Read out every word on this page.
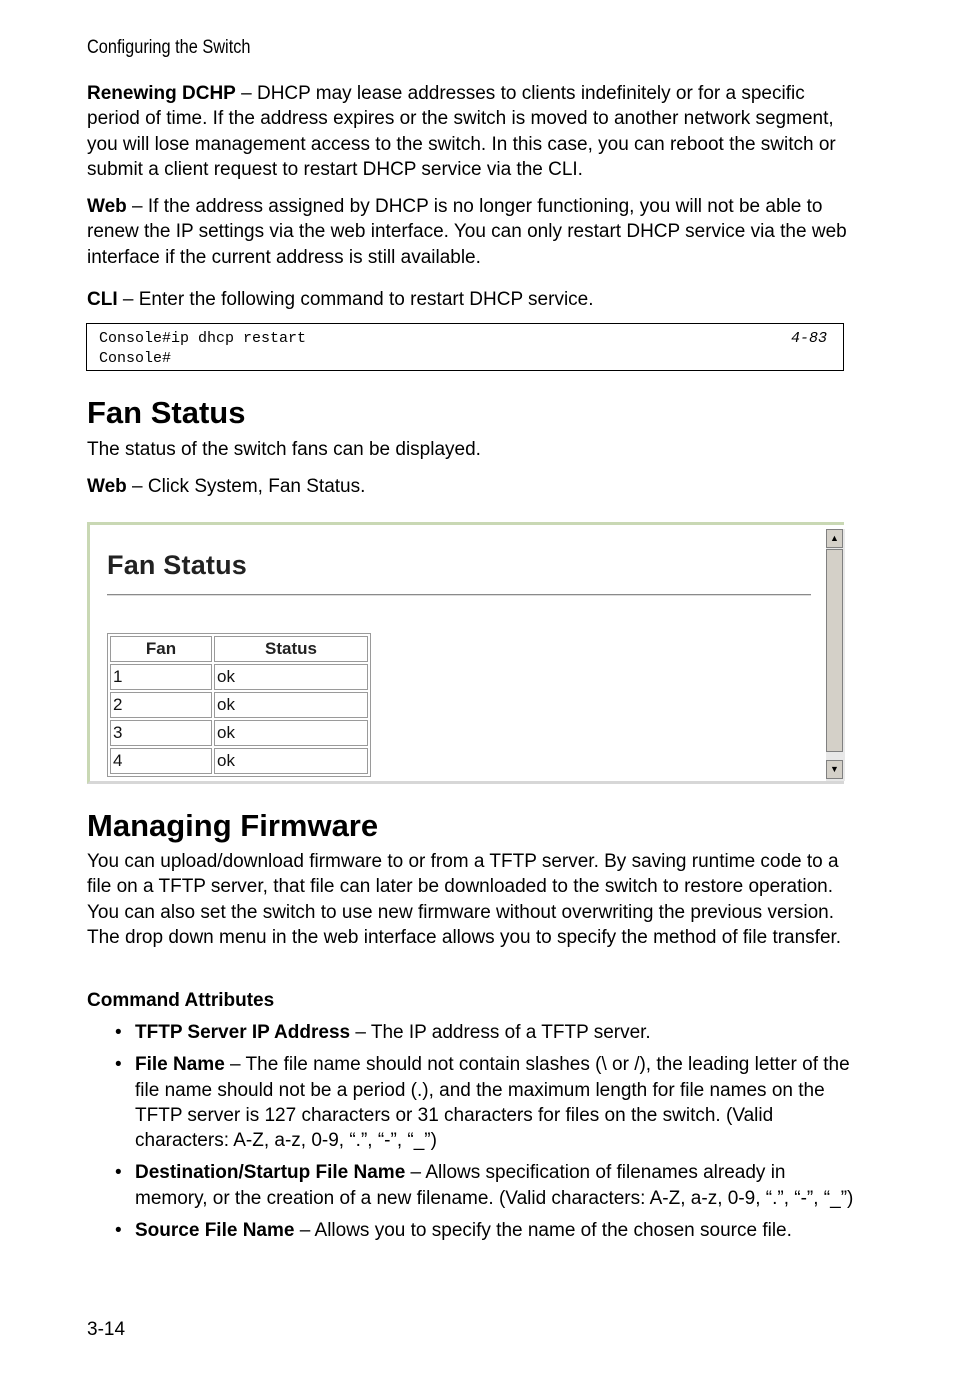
Configuring the Switch

Renewing DCHP – DHCP may lease addresses to clients indefinitely or for a specific period of time. If the address expires or the switch is moved to another network segment, you will lose management access to the switch. In this case, you can reboot the switch or submit a client request to restart DHCP service via the CLI.

Web – If the address assigned by DHCP is no longer functioning, you will not be able to renew the IP settings via the web interface. You can only restart DHCP service via the web interface if the current address is still available.

CLI – Enter the following command to restart DHCP service.

Console#ip dhcp restart
Console#
4-83
Fan Status

The status of the switch fans can be displayed.

Web – Click System, Fan Status.

Fan Status
Fan	Status
1	ok
2	ok
3	ok
4	ok
▲
▼
Managing Firmware

You can upload/download firmware to or from a TFTP server. By saving runtime code to a file on a TFTP server, that file can later be downloaded to the switch to restore operation. You can also set the switch to use new firmware without overwriting the previous version. The drop down menu in the web interface allows you to specify the method of file transfer.

Command Attributes

• TFTP Server IP Address – The IP address of a TFTP server.
• File Name – The file name should not contain slashes (\ or /), the leading letter of the file name should not be a period (.), and the maximum length for file names on the TFTP server is 127 characters or 31 characters for files on the switch. (Valid characters: A-Z, a-z, 0-9, “.”, “-”, “_”)
• Destination/Startup File Name – Allows specification of filenames already in memory, or the creation of a new filename. (Valid characters: A-Z, a-z, 0-9, “.”, “-”, “_”)
• Source File Name – Allows you to specify the name of the chosen source file.
3-14
